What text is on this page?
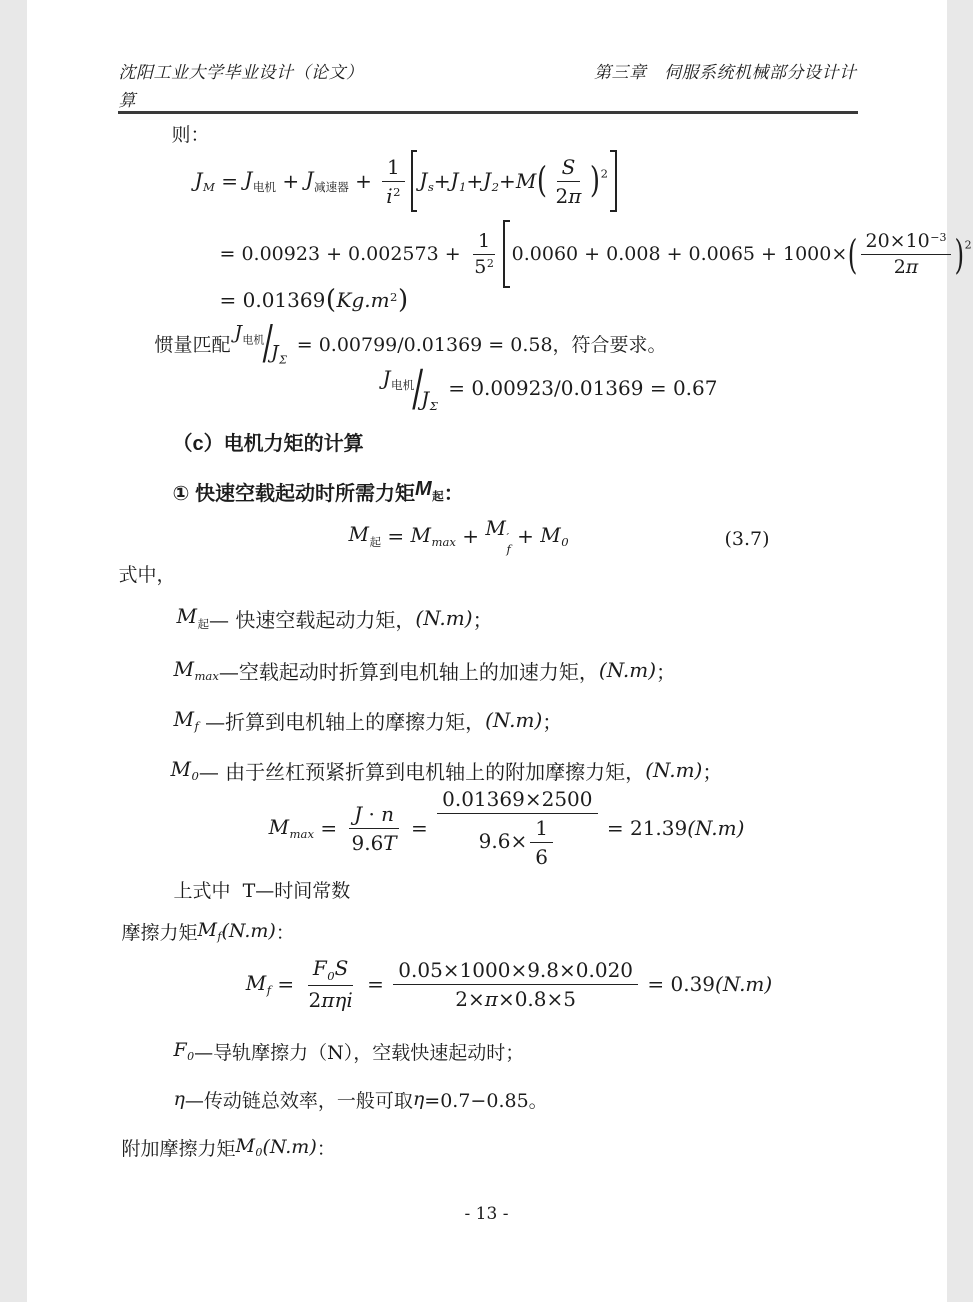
沈阳工业大学毕业设计（论文）	第三章　伺服系统机械部分设计计
算
则：
$J_M = J_{电机} + J_{减速器} + \frac{1}{i^2} J_s + J_1 + J_2 + M$ ( $\frac{S}{2\pi}$ ) 2
= $0.00923 + 0.002573 + \frac{1}{5^2} 0.0060 + 0.008 + 0.0065 + 1000\times$ ( $\frac{20\times 10^{-3}}{2\pi}$ ) 2
= 0.01369 ( $Kg.m^2$ )
惯量匹配
$J_{电机}/J_\Sigma$
= 0.00799/0.01369 = 0.58，符合要求。
$J_{电机}/J_\Sigma$
= 0.00923/0.01369 = 0.67
（c）电机力矩的计算
① 快速空载起动时所需力矩 $M_起$ ：
$M_起 = M_{max} + M$ ′
f
+ $M_0$	(3.7)
式中，
$M_起$ — 快速空载起动力矩， (N.m) ；
$M_{max}$ —空载起动时折算到电机轴上的加速力矩， (N.m) ；
$M_f$ —折算到电机轴上的摩擦力矩， (N.m) ；
$M_0$ — 由于丝杠预紧折算到电机轴上的附加摩擦力矩， (N.m) ；
$M_{max} = \frac{J \cdot n}{9.6T} = \frac{0.01369\times 2500}{9.6\times \frac{1}{6}} = 21.39$ (N.m)
上式中  T—时间常数
摩擦力矩 $M_f$ (N.m) ：
$M_f = \frac{F_0S}{\text{2πηi}} = \frac{0.05\times 1000\times 9.8\times 0.020}{2\times\pi\times 0.8\times 5} = 0.39$ (N.m)
$F_0$ —导轨摩擦力（N），空载快速起动时；
η —传动链总效率，一般可取 η =0.7−0.85。
附加摩擦力矩 $M_0$ (N.m) ：
- 13 -
